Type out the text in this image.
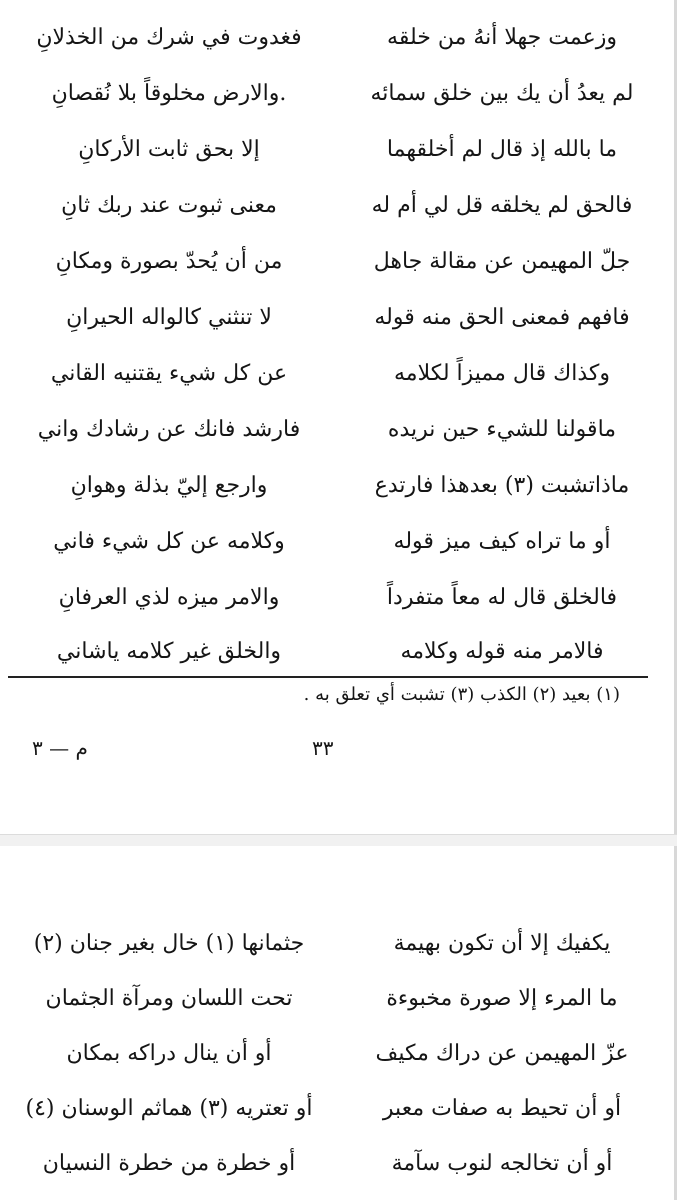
وزعمت جهلا أنهُ من خلقه
فغدوت في شرك من الخذلانِ
لم يعدُ أن يك بين خلق سمائه
.والارض مخلوقاً بلا نُقصانِ
ما بالله إذ قال لم أخلقهما
إلا بحق ثابت الأركانِ
فالحق لم يخلقه قل لي أم له
معنى ثبوت عند ربك ثانِ
جلّ المهيمن عن مقالة جاهل
من أن يُحدّ بصورة ومكانِ
فافهم فمعنى الحق منه قوله
لا تنثني كالواله الحيرانِ
وكذاك قال مميزاً لكلامه
عن كل شيء يقتنيه القاني
ماقولنا للشيء حين نريده
فارشد فانك عن رشادك واني
ماذاتشبت (٣) بعدهذا فارتدع
وارجع إليّ بذلة وهوانِ
أو ما تراه كيف ميز قوله
وكلامه عن كل شيء فاني
فالخلق قال له معاً متفرداً
والامر ميزه لذي العرفانِ
فالامر منه قوله وكلامه
والخلق غير كلامه ياشاني
(١) بعيد (٢) الكذب (٣) تشبت أي تعلق به .
٣٣
م — ٣
يكفيك إلا أن تكون بهيمة
جثمانها (١) خال بغير جنان (٢)
ما المرء إلا صورة مخبوءة
تحت اللسان ومرآة الجثمان
عزّ المهيمن عن دراك مكيف
أو أن ينال دراكه بمكان
أو أن تحيط به صفات معبر
أو تعتريه (٣) هماثم الوسنان (٤)
أو أن تخالجه لنوب سآمة
أو خطرة من خطرة النسيان
